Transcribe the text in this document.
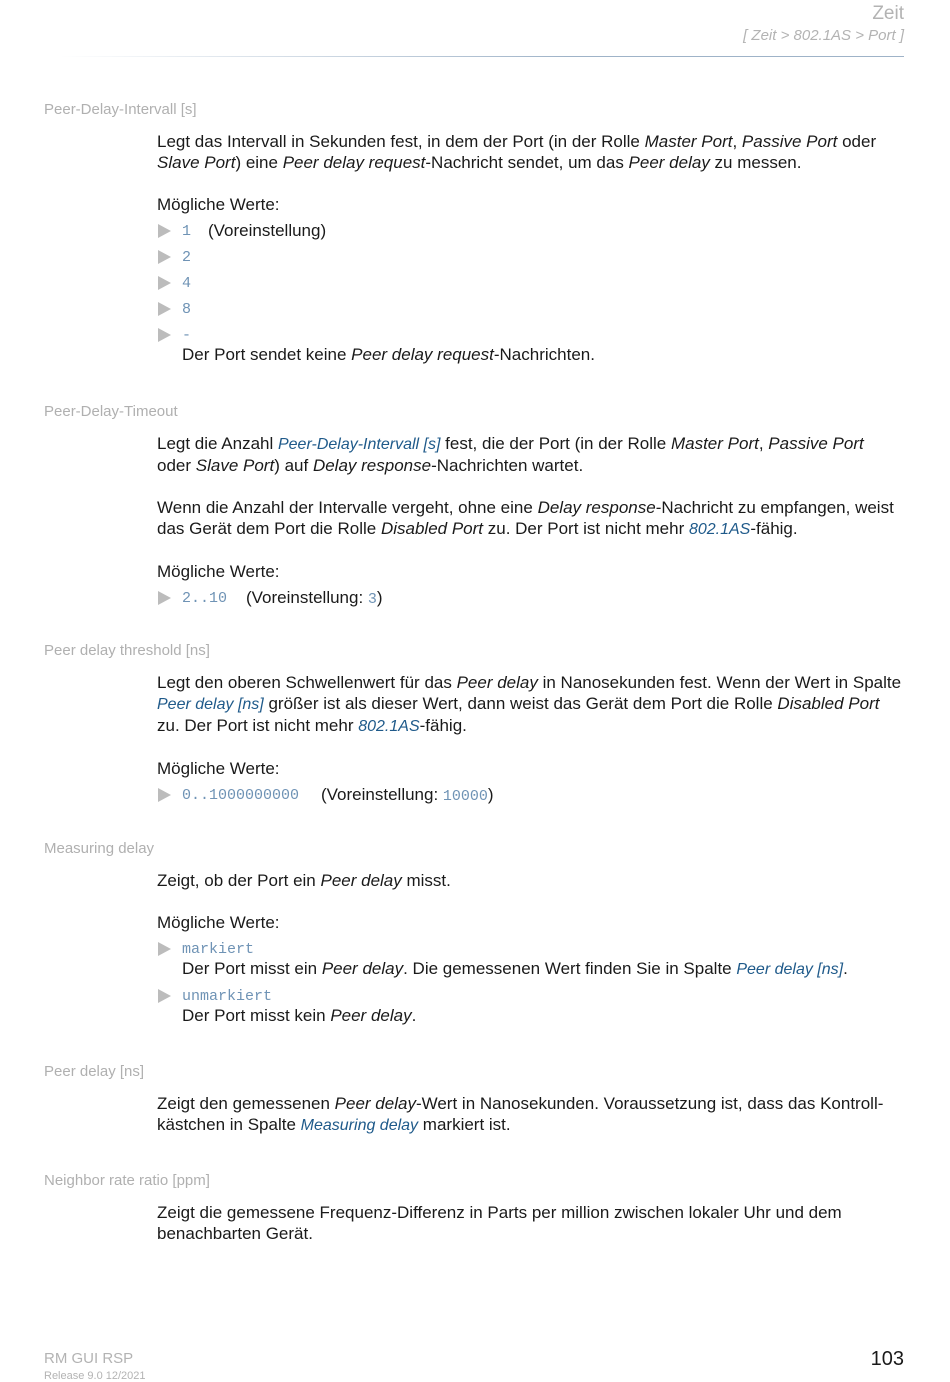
Zeit
[ Zeit > 802.1AS > Port ]
Peer-Delay-Intervall [s]

Legt das Intervall in Sekunden fest, in dem der Port (in der Rolle Master Port, Passive Port oder Slave Port) eine Peer delay request-Nachricht sendet, um das Peer delay zu messen.

Mögliche Werte:

1 (Voreinstellung)
2
4
8
-

Der Port sendet keine Peer delay request-Nachrichten.

Peer-Delay-Timeout

Legt die Anzahl Peer-Delay-Intervall [s] fest, die der Port (in der Rolle Master Port, Passive Port oder Slave Port) auf Delay response-Nachrichten wartet.

Wenn die Anzahl der Intervalle vergeht, ohne eine Delay response-Nachricht zu empfangen, weist das Gerät dem Port die Rolle Disabled Port zu. Der Port ist nicht mehr 802.1AS-fähig.

Mögliche Werte:

2..10 (Voreinstellung: 3)
Peer delay threshold [ns]

Legt den oberen Schwellenwert für das Peer delay in Nanosekunden fest. Wenn der Wert in Spalte Peer delay [ns] größer ist als dieser Wert, dann weist das Gerät dem Port die Rolle Disabled Port zu. Der Port ist nicht mehr 802.1AS-fähig.

Mögliche Werte:

0..1000000000 (Voreinstellung: 10000)
Measuring delay

Zeigt, ob der Port ein Peer delay misst.

Mögliche Werte:

markiert

Der Port misst ein Peer delay. Die gemessenen Wert finden Sie in Spalte Peer delay [ns].

unmarkiert

Der Port misst kein Peer delay.

Peer delay [ns]

Zeigt den gemessenen Peer delay-Wert in Nanosekunden. Voraussetzung ist, dass das Kontroll-kästchen in Spalte Measuring delay markiert ist.

Neighbor rate ratio [ppm]

Zeigt die gemessene Frequenz-Differenz in Parts per million zwischen lokaler Uhr und dem benachbarten Gerät.

RM GUI RSP
Release 9.0 12/2021
103
